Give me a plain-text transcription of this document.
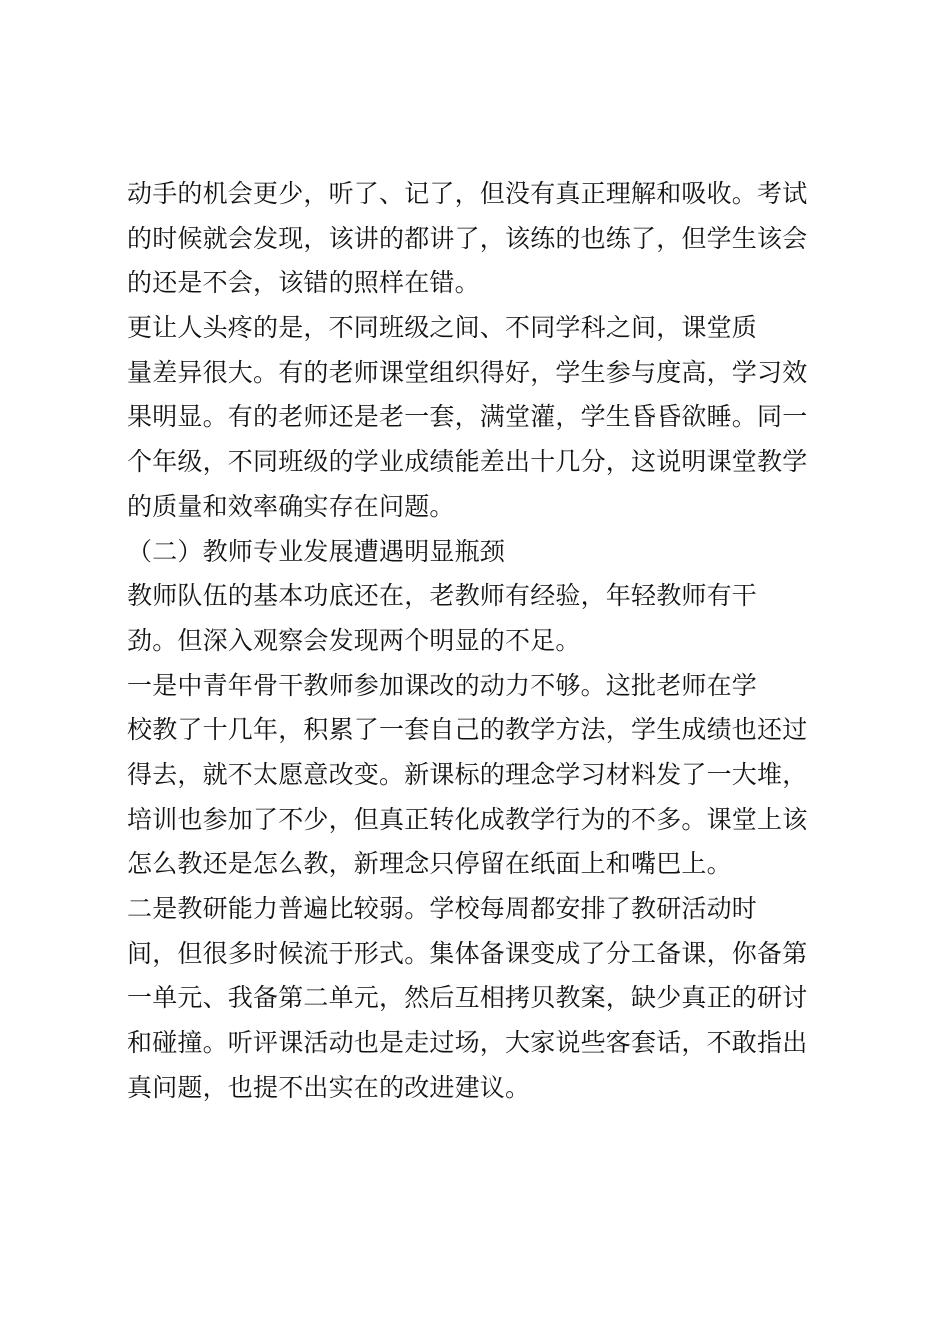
动手的机会更少，听了、记了，但没有真正理解和吸收。考试

的时候就会发现，该讲的都讲了，该练的也练了，但学生该会

的还是不会，该错的照样在错。

更让人头疼的是，不同班级之间、不同学科之间，课堂质

量差异很大。有的老师课堂组织得好，学生参与度高，学习效

果明显。有的老师还是老一套，满堂灌，学生昏昏欲睡。同一

个年级，不同班级的学业成绩能差出十几分，这说明课堂教学

的质量和效率确实存在问题。

（二）教师专业发展遭遇明显瓶颈

教师队伍的基本功底还在，老教师有经验，年轻教师有干

劲。但深入观察会发现两个明显的不足。

一是中青年骨干教师参加课改的动力不够。这批老师在学

校教了十几年，积累了一套自己的教学方法，学生成绩也还过

得去，就不太愿意改变。新课标的理念学习材料发了一大堆，

培训也参加了不少，但真正转化成教学行为的不多。课堂上该

怎么教还是怎么教，新理念只停留在纸面上和嘴巴上。

二是教研能力普遍比较弱。学校每周都安排了教研活动时

间，但很多时候流于形式。集体备课变成了分工备课，你备第

一单元、我备第二单元，然后互相拷贝教案，缺少真正的研讨

和碰撞。听评课活动也是走过场，大家说些客套话，不敢指出

真问题，也提不出实在的改进建议。
